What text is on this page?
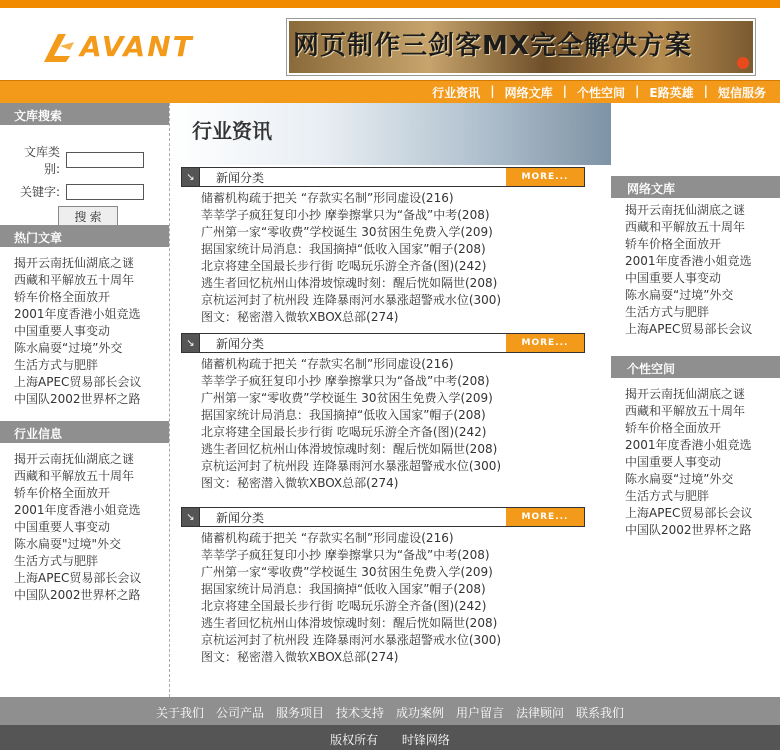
AVANT	网页制作三剑客MX完全解决方案
行业资讯 | 网络文库 | 个性空间 | E路英雄 | 短信服务
文库搜索
文库类别:
关键字:
搜 索
热门文章
揭开云南抚仙湖底之谜
西藏和平解放五十周年
轿车价格全面放开
2001年度香港小姐竞选
中国重要人事变动
陈水扁耍“过境”外交
生活方式与肥胖
上海APEC贸易部长会议
中国队2002世界杯之路
行业信息
揭开云南抚仙湖底之谜
西藏和平解放五十周年
轿车价格全面放开
2001年度香港小姐竞选
中国重要人事变动
陈水扁耍"过境"外交
生活方式与肥胖
上海APEC贸易部长会议
中国队2002世界杯之路
行业资讯
↘	新闻分类	MORE...
储蓄机构疏于把关 “存款实名制”形同虚设(216)
莘莘学子疯狂复印小抄 摩拳擦掌只为“备战”中考(208)
广州第一家“零收费”学校诞生 30贫困生免费入学(209)
据国家统计局消息：我国摘掉“低收入国家”帽子(208)
北京将建全国最长步行街 吃喝玩乐游全齐备(图)(242)
逃生者回忆杭州山体滑坡惊魂时刻：醒后恍如隔世(208)
京杭运河封了杭州段 连降暴雨河水暴涨超警戒水位(300)
图文：秘密潜入微软XBOX总部(274)
↘	新闻分类	MORE...
储蓄机构疏于把关 “存款实名制”形同虚设(216)
莘莘学子疯狂复印小抄 摩拳擦掌只为“备战”中考(208)
广州第一家“零收费”学校诞生 30贫困生免费入学(209)
据国家统计局消息：我国摘掉“低收入国家”帽子(208)
北京将建全国最长步行街 吃喝玩乐游全齐备(图)(242)
逃生者回忆杭州山体滑坡惊魂时刻：醒后恍如隔世(208)
京杭运河封了杭州段 连降暴雨河水暴涨超警戒水位(300)
图文：秘密潜入微软XBOX总部(274)
↘	新闻分类	MORE...
储蓄机构疏于把关 “存款实名制”形同虚设(216)
莘莘学子疯狂复印小抄 摩拳擦掌只为“备战”中考(208)
广州第一家“零收费”学校诞生 30贫困生免费入学(209)
据国家统计局消息：我国摘掉“低收入国家”帽子(208)
北京将建全国最长步行街 吃喝玩乐游全齐备(图)(242)
逃生者回忆杭州山体滑坡惊魂时刻：醒后恍如隔世(208)
京杭运河封了杭州段 连降暴雨河水暴涨超警戒水位(300)
图文：秘密潜入微软XBOX总部(274)
网络文库
揭开云南抚仙湖底之谜
西藏和平解放五十周年
轿车价格全面放开
2001年度香港小姐竞选
中国重要人事变动
陈水扁耍“过境”外交
生活方式与肥胖
上海APEC贸易部长会议
个性空间
揭开云南抚仙湖底之谜
西藏和平解放五十周年
轿车价格全面放开
2001年度香港小姐竞选
中国重要人事变动
陈水扁耍“过境”外交
生活方式与肥胖
上海APEC贸易部长会议
中国队2002世界杯之路
关于我们	公司产品	服务项目	技术支持	成功案例	用户留言	法律顾问	联系我们
版权所有 时锋网络
